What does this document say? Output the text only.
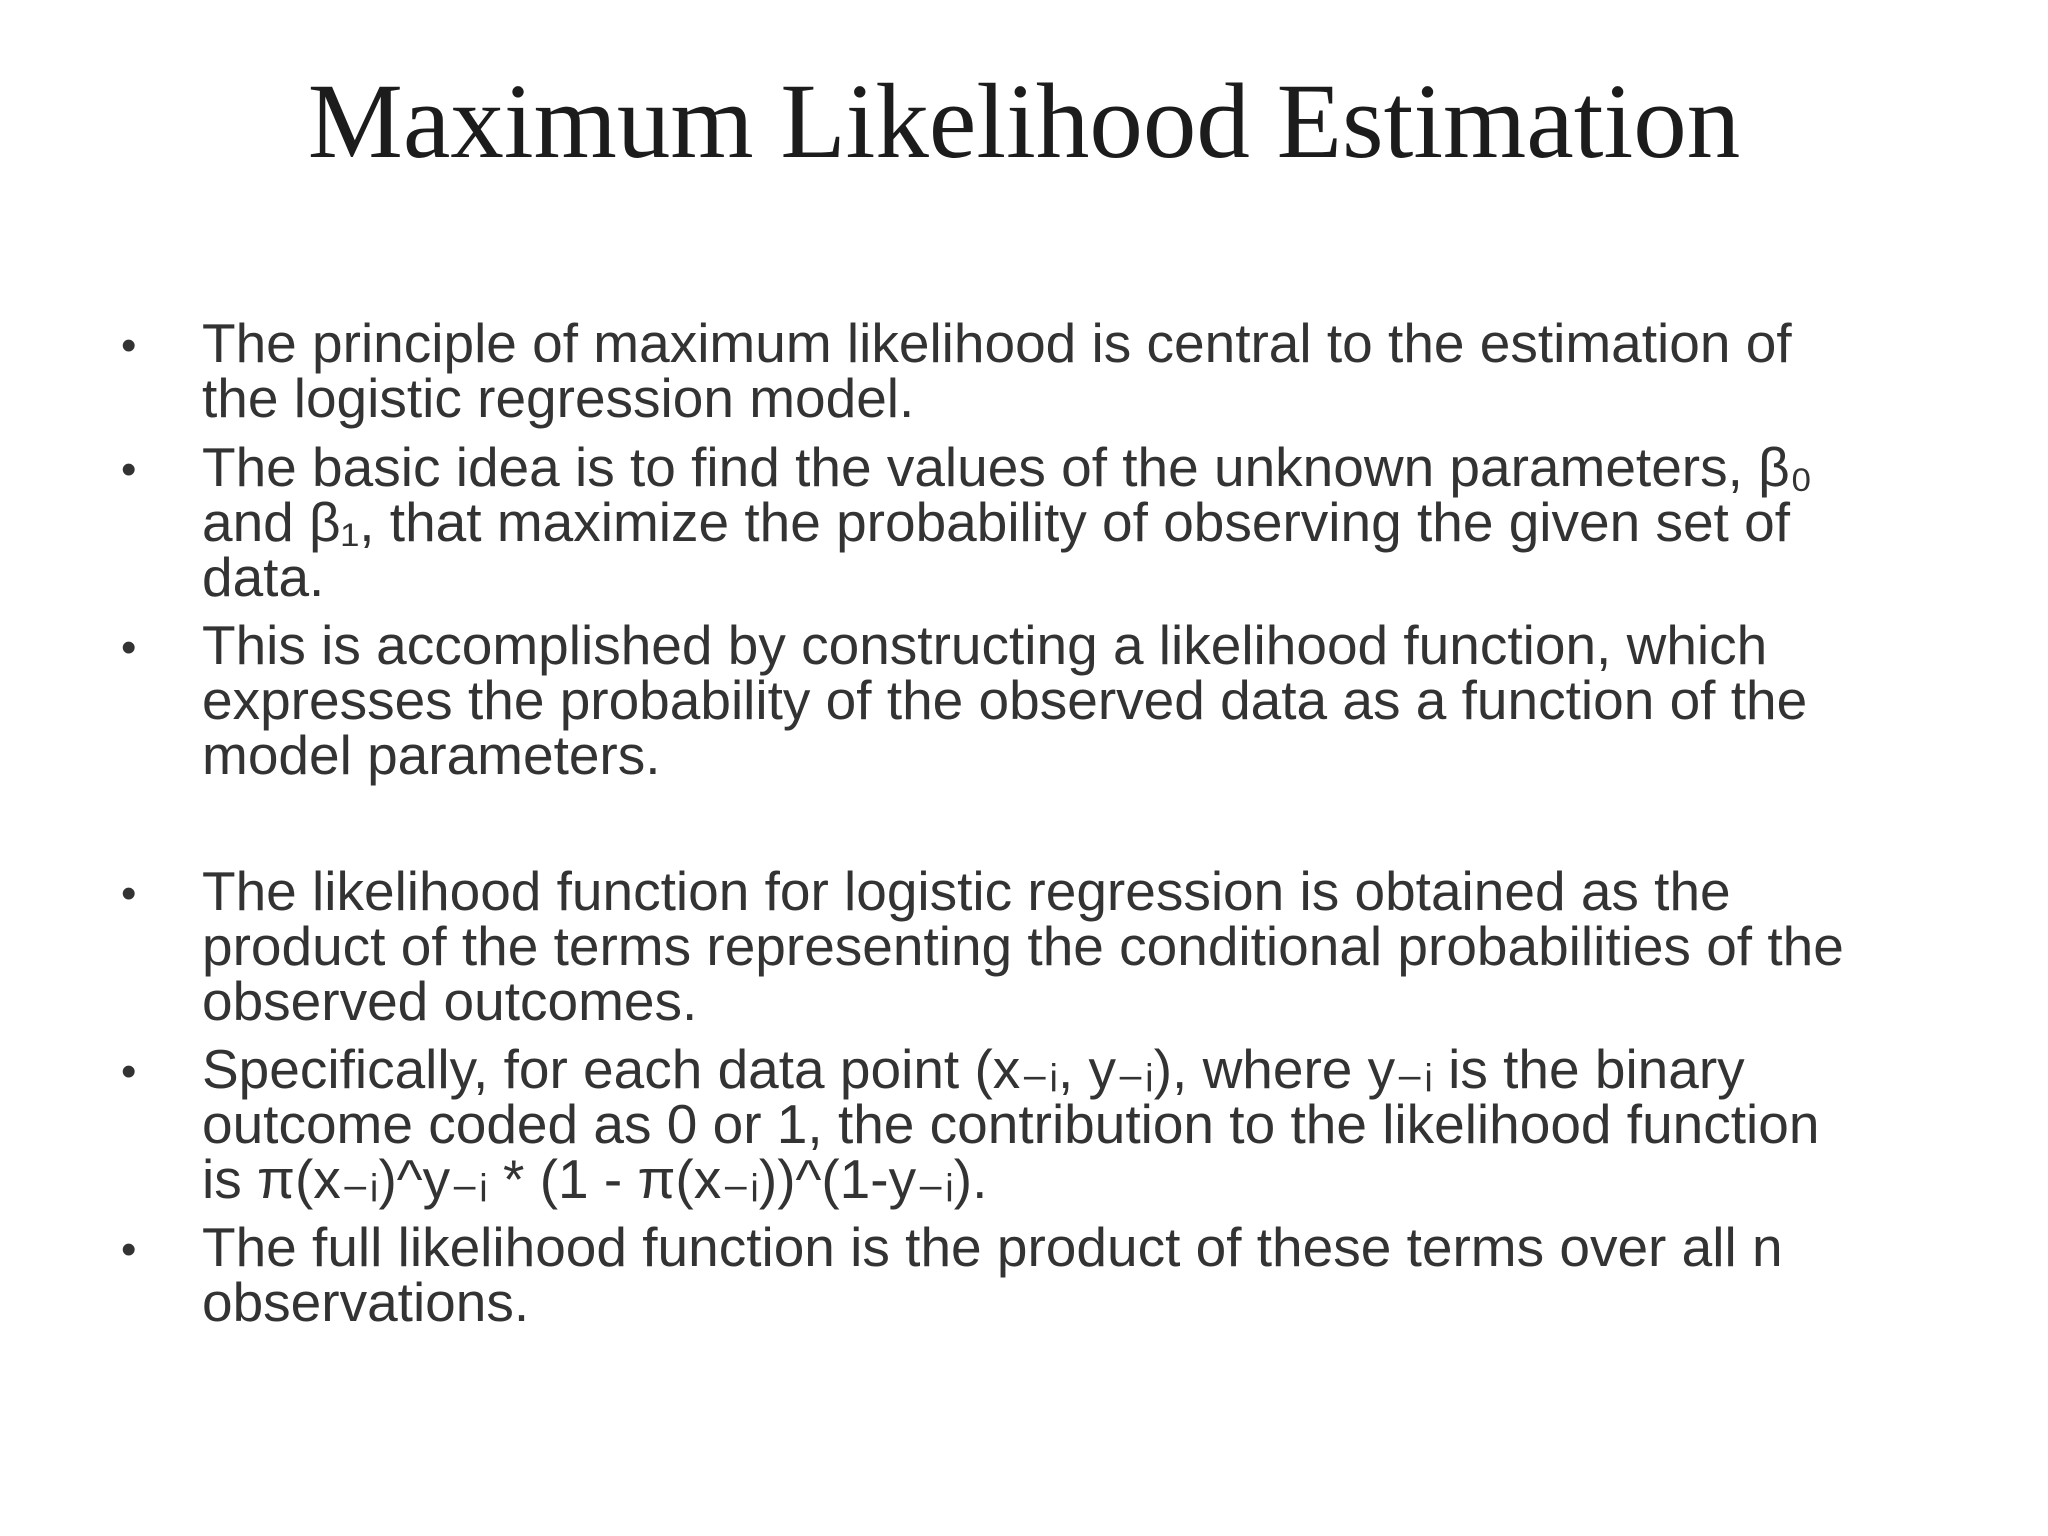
Maximum Likelihood Estimation
• The principle of maximum likelihood is central to the estimation of
the logistic regression model.
• The basic idea is to find the values of the unknown parameters, β₀
and β₁, that maximize the probability of observing the given set of
data.
• This is accomplished by constructing a likelihood function, which
expresses the probability of the observed data as a function of the
model parameters.
• The likelihood function for logistic regression is obtained as the
product of the terms representing the conditional probabilities of the
observed outcomes.
• Specifically, for each data point (x₋ᵢ, y₋ᵢ), where y₋ᵢ is the binary
outcome coded as 0 or 1, the contribution to the likelihood function
is π(x₋ᵢ)^y₋ᵢ * (1 - π(x₋ᵢ))^(1-y₋ᵢ).
• The full likelihood function is the product of these terms over all n
observations.
